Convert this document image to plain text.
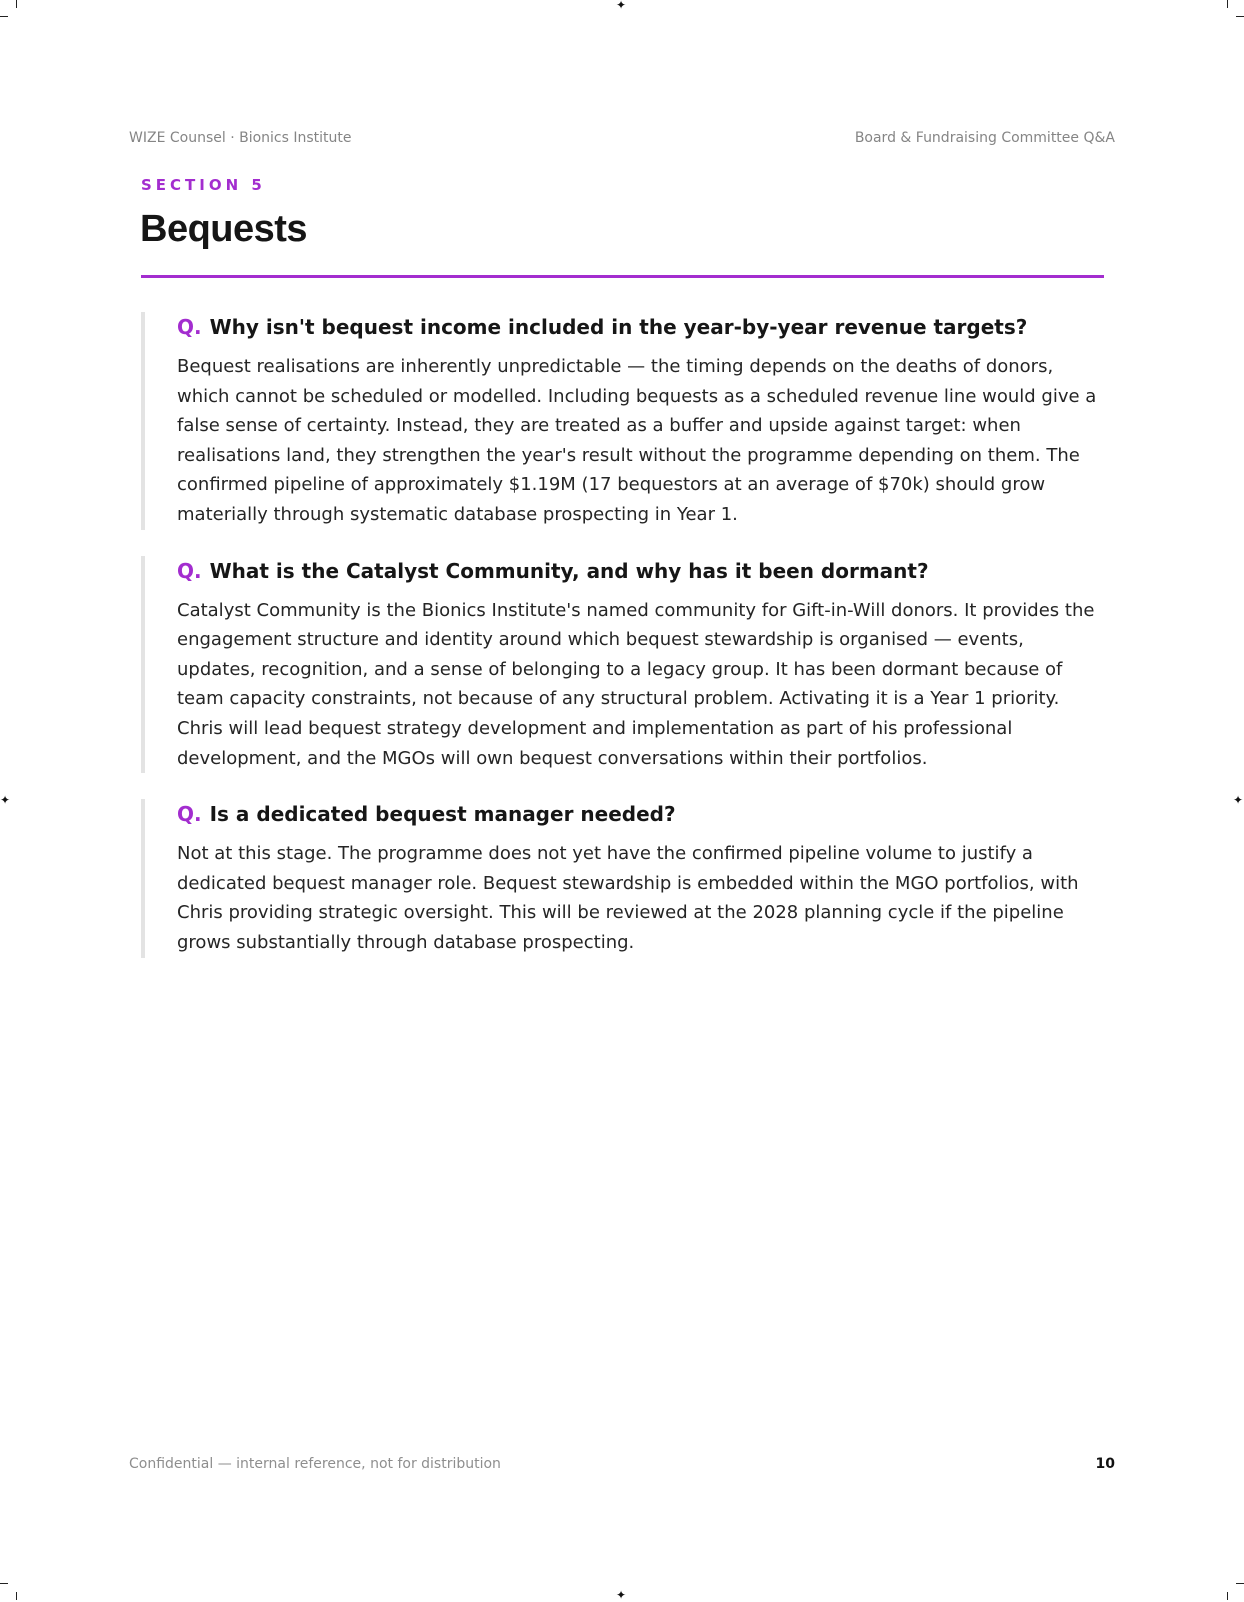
✦
✦
✦	✦
WIZE Counsel · Bionics Institute	Board & Fundraising Committee Q&A
SECTION 5
Bequests
Q. Why isn't bequest income included in the year-by-year revenue targets?

Bequest realisations are inherently unpredictable — the timing depends on the deaths of donors, which cannot be scheduled or modelled. Including bequests as a scheduled revenue line would give a false sense of certainty. Instead, they are treated as a buffer and upside against target: when realisations land, they strengthen the year's result without the programme depending on them. The confirmed pipeline of approximately $1.19M (17 bequestors at an average of $70k) should grow materially through systematic database prospecting in Year 1.

Q. What is the Catalyst Community, and why has it been dormant?

Catalyst Community is the Bionics Institute's named community for Gift-in-Will donors. It provides the engagement structure and identity around which bequest stewardship is organised — events, updates, recognition, and a sense of belonging to a legacy group. It has been dormant because of team capacity constraints, not because of any structural problem. Activating it is a Year 1 priority. Chris will lead bequest strategy development and implementation as part of his professional development, and the MGOs will own bequest conversations within their portfolios.

Q. Is a dedicated bequest manager needed?

Not at this stage. The programme does not yet have the confirmed pipeline volume to justify a dedicated bequest manager role. Bequest stewardship is embedded within the MGO portfolios, with Chris providing strategic oversight. This will be reviewed at the 2028 planning cycle if the pipeline grows substantially through database prospecting.

Confidential — internal reference, not for distribution	10
